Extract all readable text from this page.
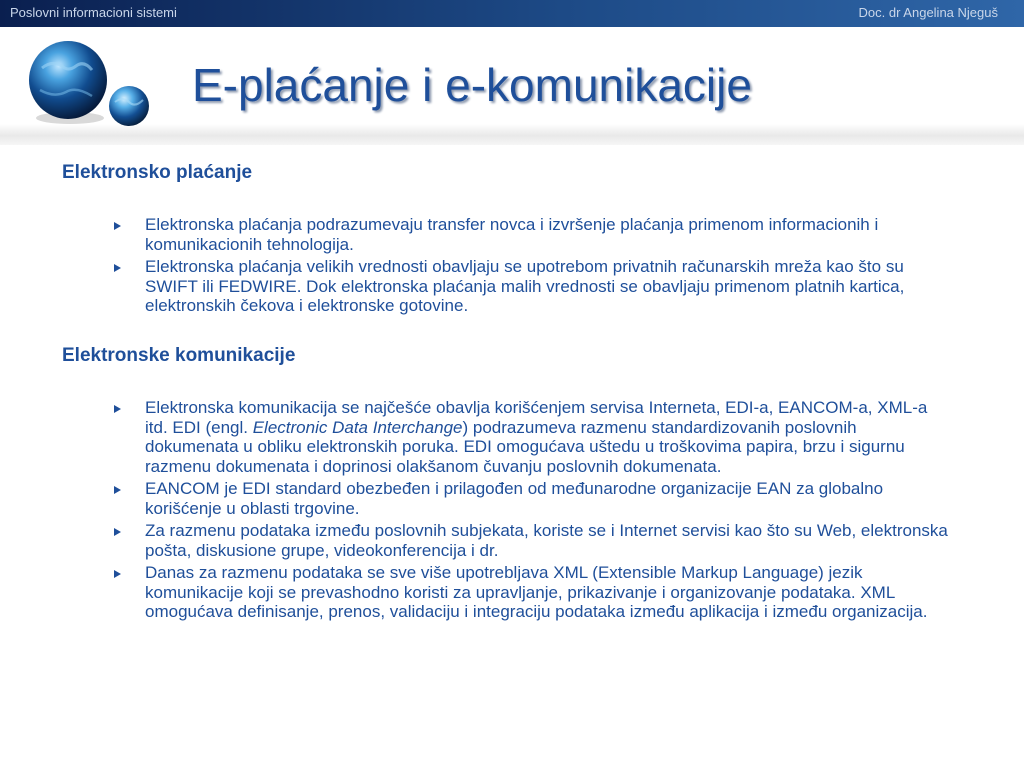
Poslovni informacioni sistemi	Doc. dr Angelina Njeguš
E-plaćanje i e-komunikacije
Elektronsko plaćanje
Elektronska plaćanja podrazumevaju transfer novca i izvršenje plaćanja primenom informacionih i komunikacionih tehnologija.
Elektronska plaćanja velikih vrednosti obavljaju se upotrebom privatnih računarskih mreža kao što su SWIFT ili FEDWIRE. Dok elektronska plaćanja malih vrednosti se obavljaju primenom platnih kartica, elektronskih čekova i elektronske gotovine.
Elektronske komunikacije
Elektronska komunikacija se najčešće obavlja korišćenjem servisa Interneta, EDI-a, EANCOM-a, XML-a itd. EDI (engl. Electronic Data Interchange) podrazumeva razmenu standardizovanih poslovnih dokumenata u obliku elektronskih poruka. EDI omogućava uštedu u troškovima papira, brzu i sigurnu razmenu dokumenata i doprinosi olakšanom čuvanju poslovnih dokumenata.
EANCOM je EDI standard obezbeđen i prilagođen od međunarodne organizacije EAN za globalno korišćenje u oblasti trgovine.
Za razmenu podataka između poslovnih subjekata, koriste se i Internet servisi kao što su Web, elektronska pošta, diskusione grupe, videokonferencija i dr.
Danas za razmenu podataka se sve više upotrebljava XML (Extensible Markup Language) jezik komunikacije koji se prevashodno koristi za upravljanje, prikazivanje i organizovanje podataka. XML omogućava definisanje, prenos, validaciju i integraciju podataka između aplikacija i između organizacija.
